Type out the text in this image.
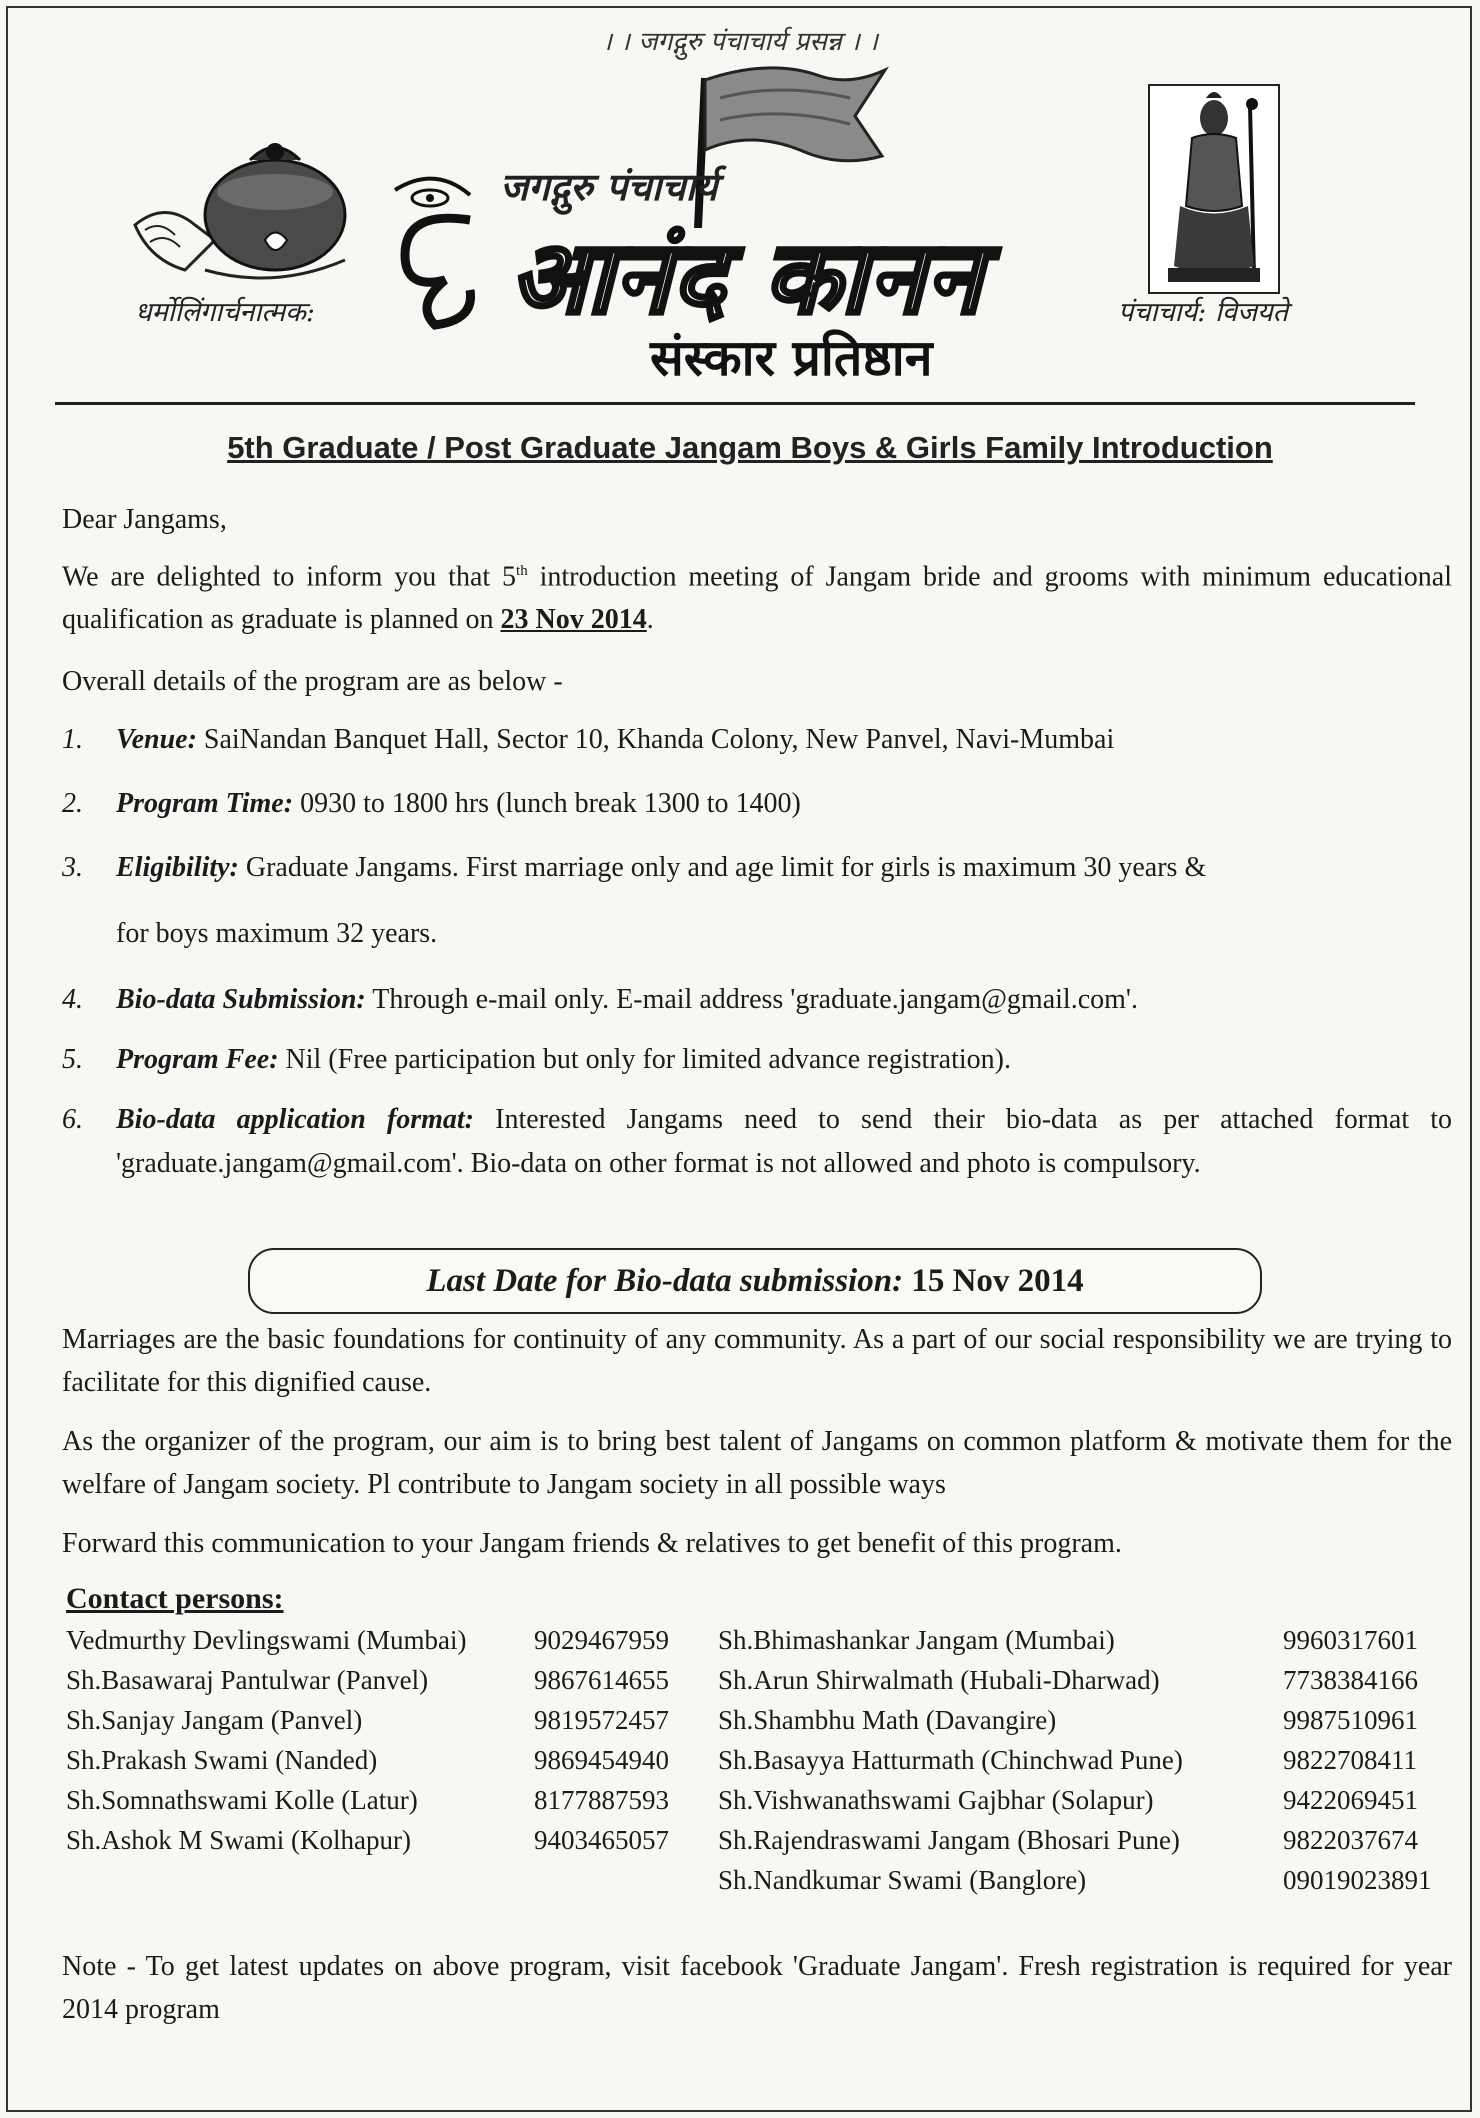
। । जगद्गुरु पंचाचार्य प्रसन्न । ।
धर्मोलिंगार्चनात्मक:
जगद्गुरु पंचाचार्य
आनंद कानन
संस्कार प्रतिष्ठान
पंचाचार्य: विजयते
5th Graduate / Post Graduate Jangam Boys & Girls Family Introduction
Dear Jangams,
We are delighted to inform you that 5th introduction meeting of Jangam bride and grooms with minimum educational qualification as graduate is planned on 23 Nov 2014.
Overall details of the program are as below -
1.	Venue: SaiNandan Banquet Hall, Sector 10, Khanda Colony, New Panvel, Navi-Mumbai
2.	Program Time: 0930 to 1800 hrs (lunch break 1300 to 1400)
3.	Eligibility: Graduate Jangams. First marriage only and age limit for girls is maximum 30 years &
for boys maximum 32 years.
4.	Bio-data Submission: Through e-mail only. E-mail address 'graduate.jangam@gmail.com'.
5.	Program Fee: Nil (Free participation but only for limited advance registration).
6.	Bio-data application format: Interested Jangams need to send their bio-data as per attached format to 'graduate.jangam@gmail.com'. Bio-data on other format is not allowed and photo is compulsory.
Last Date for Bio-data submission: 15 Nov 2014
Marriages are the basic foundations for continuity of any community. As a part of our social responsibility we are trying to facilitate for this dignified cause.
As the organizer of the program, our aim is to bring best talent of Jangams on common platform & motivate them for the welfare of Jangam society. Pl contribute to Jangam society in all possible ways
Forward this communication to your Jangam friends & relatives to get benefit of this program.
Contact persons:
Vedmurthy Devlingswami (Mumbai)	9029467959
Sh.Basawaraj Pantulwar (Panvel)	9867614655
Sh.Sanjay Jangam (Panvel)	9819572457
Sh.Prakash Swami (Nanded)	9869454940
Sh.Somnathswami Kolle (Latur)	8177887593
Sh.Ashok M Swami (Kolhapur)	9403465057
Sh.Bhimashankar Jangam (Mumbai)	9960317601
Sh.Arun Shirwalmath (Hubali-Dharwad)	7738384166
Sh.Shambhu Math (Davangire)	9987510961
Sh.Basayya Hatturmath (Chinchwad Pune)	9822708411
Sh.Vishwanathswami Gajbhar (Solapur)	9422069451
Sh.Rajendraswami Jangam (Bhosari Pune)	9822037674
Sh.Nandkumar Swami (Banglore)	09019023891
Note - To get latest updates on above program, visit facebook 'Graduate Jangam'. Fresh registration is required for year 2014 program
